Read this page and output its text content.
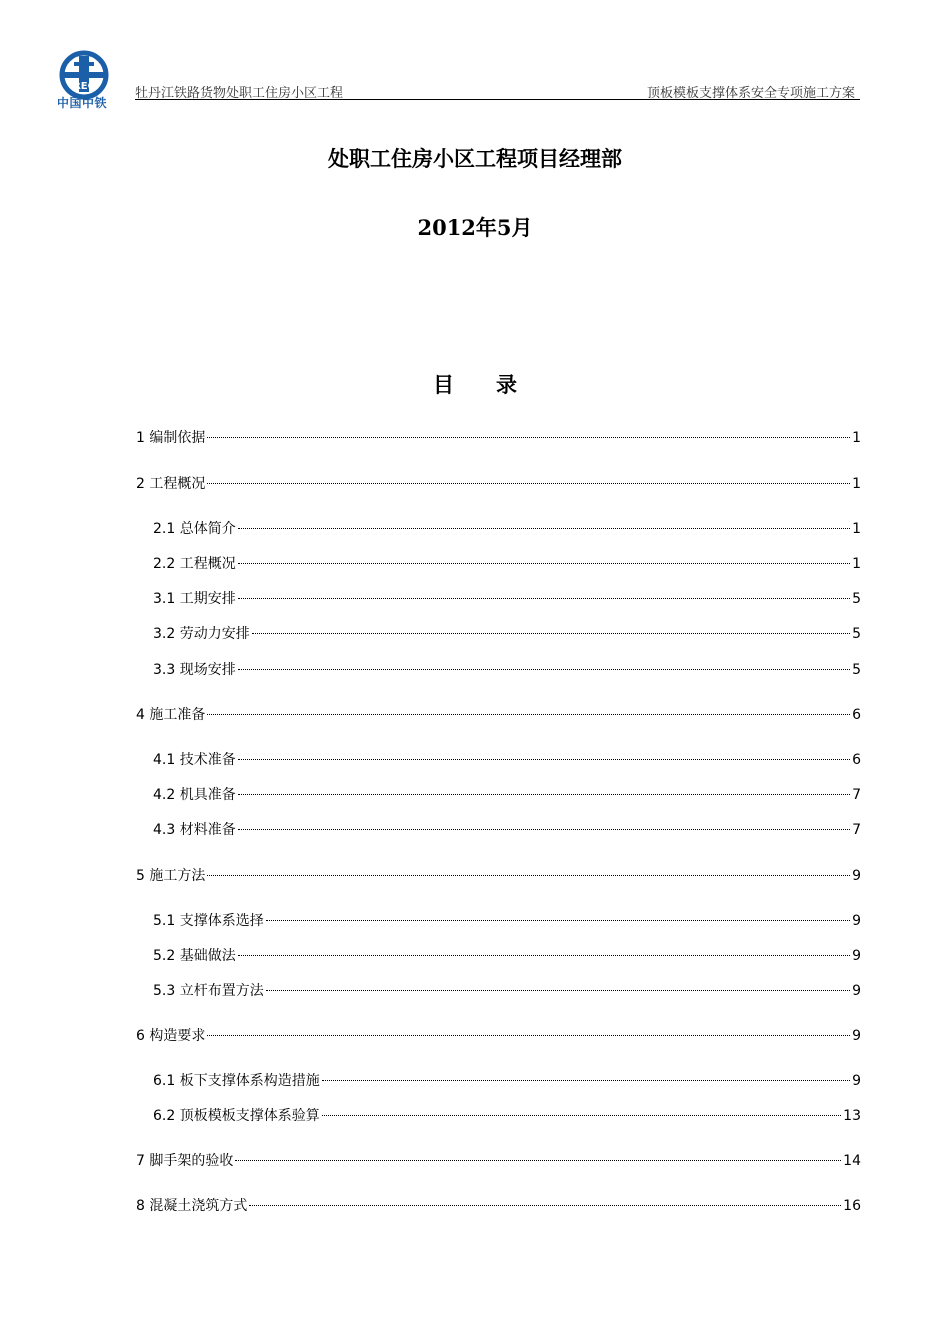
REC
中国中铁
牡丹江铁路货物处职工住房小区工程	顶板模板支撑体系安全专项施工方案
处职工住房小区工程项目经理部
2012年5月
目录
1 编制依据	1
2 工程概况	1
2.1 总体简介	1
2.2 工程概况	1
3.1 工期安排	5
3.2 劳动力安排	5
3.3 现场安排	5
4 施工准备	6
4.1 技术准备	6
4.2 机具准备	7
4.3 材料准备	7
5 施工方法	9
5.1 支撑体系选择	9
5.2 基础做法	9
5.3 立杆布置方法	9
6 构造要求	9
6.1 板下支撑体系构造措施	9
6.2 顶板模板支撑体系验算	13
7 脚手架的验收	14
8 混凝土浇筑方式	16
